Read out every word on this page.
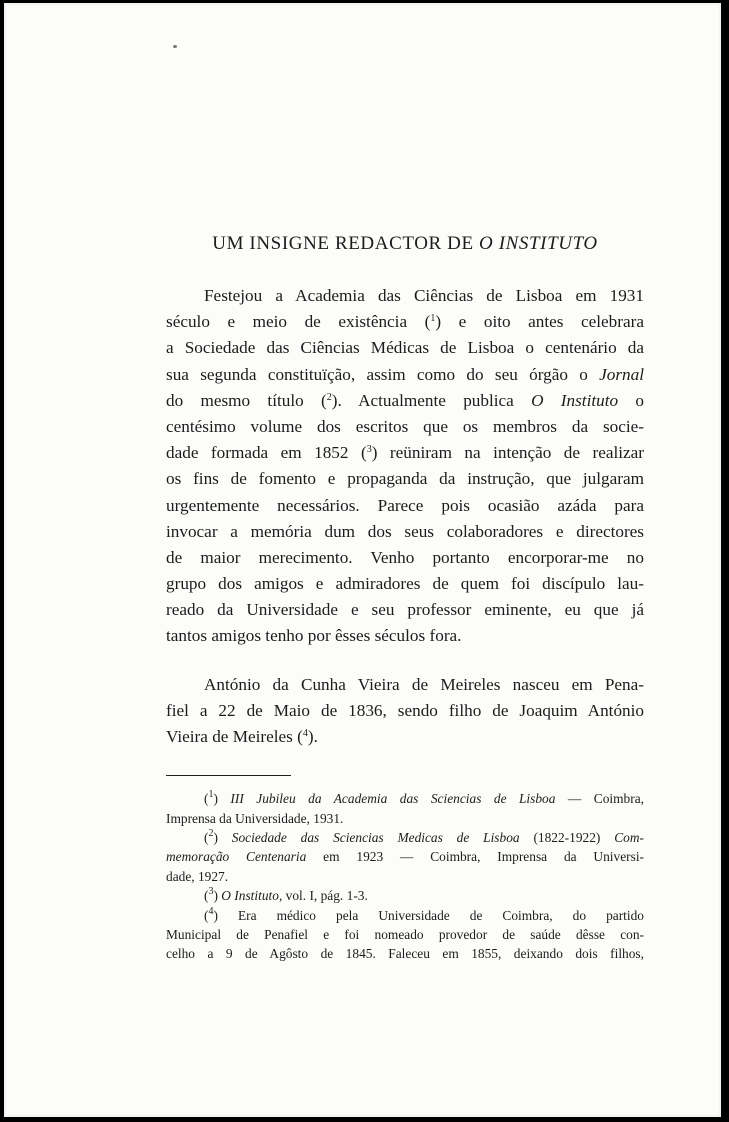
UM INSIGNE REDACTOR DE O INSTITUTO
Festejou a Academia das Ciências de Lisboa em 1931
século e meio de existência ($^1$) e oito antes celebrara
a Sociedade das Ciências Médicas de Lisboa o centenário da
sua segunda constituïção, assim como do seu órgão o Jornal
do mesmo título ($^2$). Actualmente publica O Instituto o
centésimo volume dos escritos que os membros da socie-
dade formada em 1852 ($^3$) reüniram na intenção de realizar
os fins de fomento e propaganda da instrução, que julgaram
urgentemente necessários. Parece pois ocasião azáda para
invocar a memória dum dos seus colaboradores e directores
de maior merecimento. Venho portanto encorporar-me no
grupo dos amigos e admiradores de quem foi discípulo lau-
reado da Universidade e seu professor eminente, eu que já
tantos amigos tenho por êsses séculos fora.
António da Cunha Vieira de Meireles nasceu em Pena-
fiel a 22 de Maio de 1836, sendo filho de Joaquim António
Vieira de Meireles ($^4$).
($^1$) III Jubileu da Academia das Sciencias de Lisboa — Coimbra,
Imprensa da Universidade, 1931.
($^2$) Sociedade das Sciencias Medicas de Lisboa (1822-1922) Com-
memoração Centenaria em 1923 — Coimbra, Imprensa da Universi-
dade, 1927.
($^3$) O Instituto, vol. I, pág. 1-3.
($^4$) Era médico pela Universidade de Coimbra, do partido
Municipal de Penafiel e foi nomeado provedor de saúde dêsse con-
celho a 9 de Agôsto de 1845. Faleceu em 1855, deixando dois filhos,
